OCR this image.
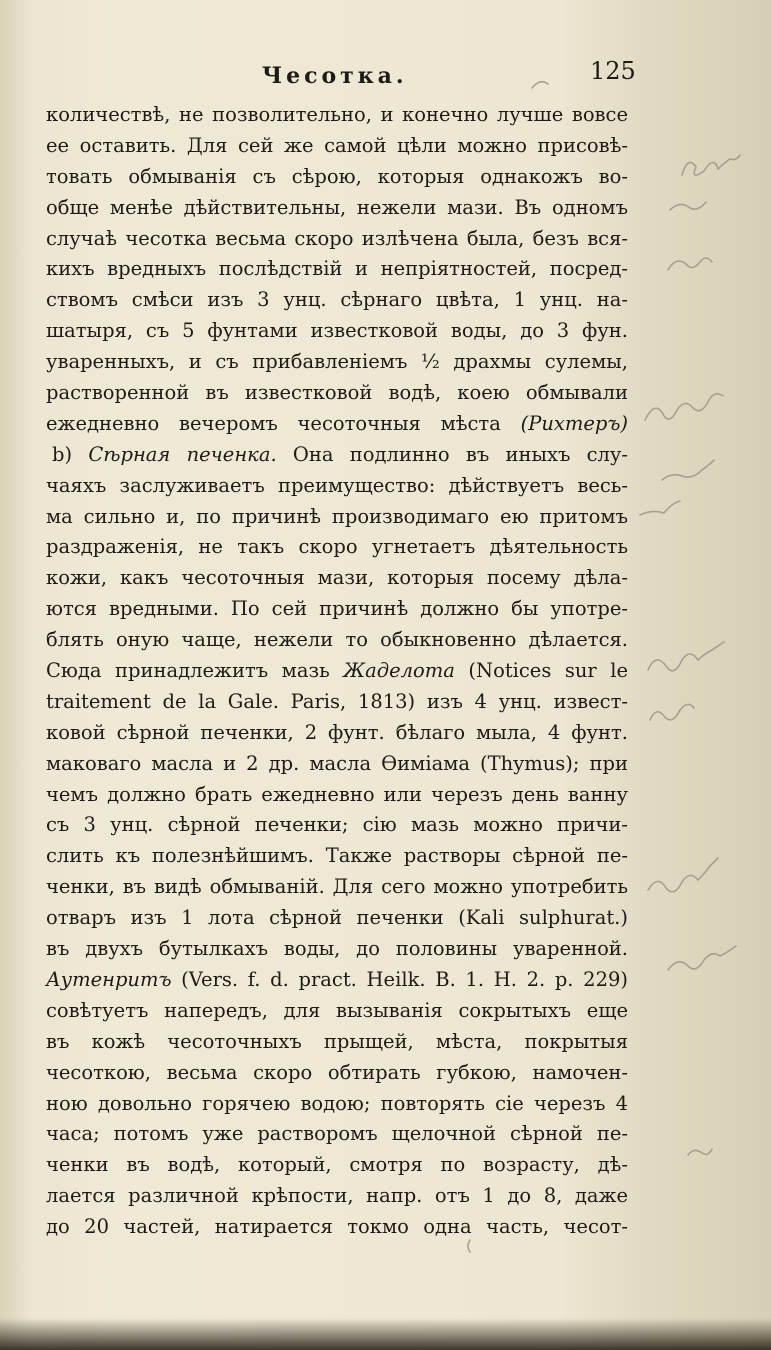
Чесотка.	125
количествѣ, не позволительно, и конечно лучше вовсе
ее оставить. Для сей же самой цѣли можно присовѣ-
товать обмыванія съ сѣрою, которыя однакожъ во-
обще менѣе дѣйствительны, нежели мази. Въ одномъ
случаѣ чесотка весьма скоро излѣчена была, безъ вся-
кихъ вредныхъ послѣдствій и непріятностей, посред-
ствомъ смѣси изъ 3 унц. сѣрнаго цвѣта, 1 унц. на-
шатыря, съ 5 фунтами известковой воды, до 3 фун.
уваренныхъ, и съ прибавленіемъ ½ драхмы сулемы,
растворенной въ известковой водѣ, коею обмывали
ежедневно вечеромъ чесоточныя мѣста (Рихтеръ)
b) Сѣрная печенка. Она подлинно въ иныхъ слу-
чаяхъ заслуживаетъ преимущество: дѣйствуетъ весь-
ма сильно и, по причинѣ производимаго ею притомъ
раздраженія, не такъ скоро угнетаетъ дѣятельность
кожи, какъ чесоточныя мази, которыя посему дѣла-
ются вредными. По сей причинѣ должно бы употре-
блять оную чаще, нежели то обыкновенно дѣлается.
Сюда принадлежитъ мазь Жаделота (Notices sur le
traitement de la Gale. Paris, 1813) изъ 4 унц. извест-
ковой сѣрной печенки, 2 фунт. бѣлаго мыла, 4 фунт.
маковаго масла и 2 др. масла Ѳиміама (Thymus); при
чемъ должно брать ежедневно или черезъ день ванну
съ 3 унц. сѣрной печенки; сію мазь можно причи-
слить къ полезнѣйшимъ. Также растворы сѣрной пе-
ченки, въ видѣ обмываній. Для сего можно употребить
отваръ изъ 1 лота сѣрной печенки (Kali sulphurat.)
въ двухъ бутылкахъ воды, до половины уваренной.
Аутенритъ (Vers. f. d. pract. Heilk. B. 1. H. 2. p. 229)
совѣтуетъ напередъ, для вызыванія сокрытыхъ еще
въ кожѣ чесоточныхъ прыщей, мѣста, покрытыя
чесоткою, весьма скоро обтирать губкою, намочен-
ною довольно горячею водою; повторять сіе черезъ 4
часа; потомъ уже растворомъ щелочной сѣрной пе-
ченки въ водѣ, который, смотря по возрасту, дѣ-
лается различной крѣпости, напр. отъ 1 до 8, даже
до 20 частей, натирается токмо одна часть, чесот-
